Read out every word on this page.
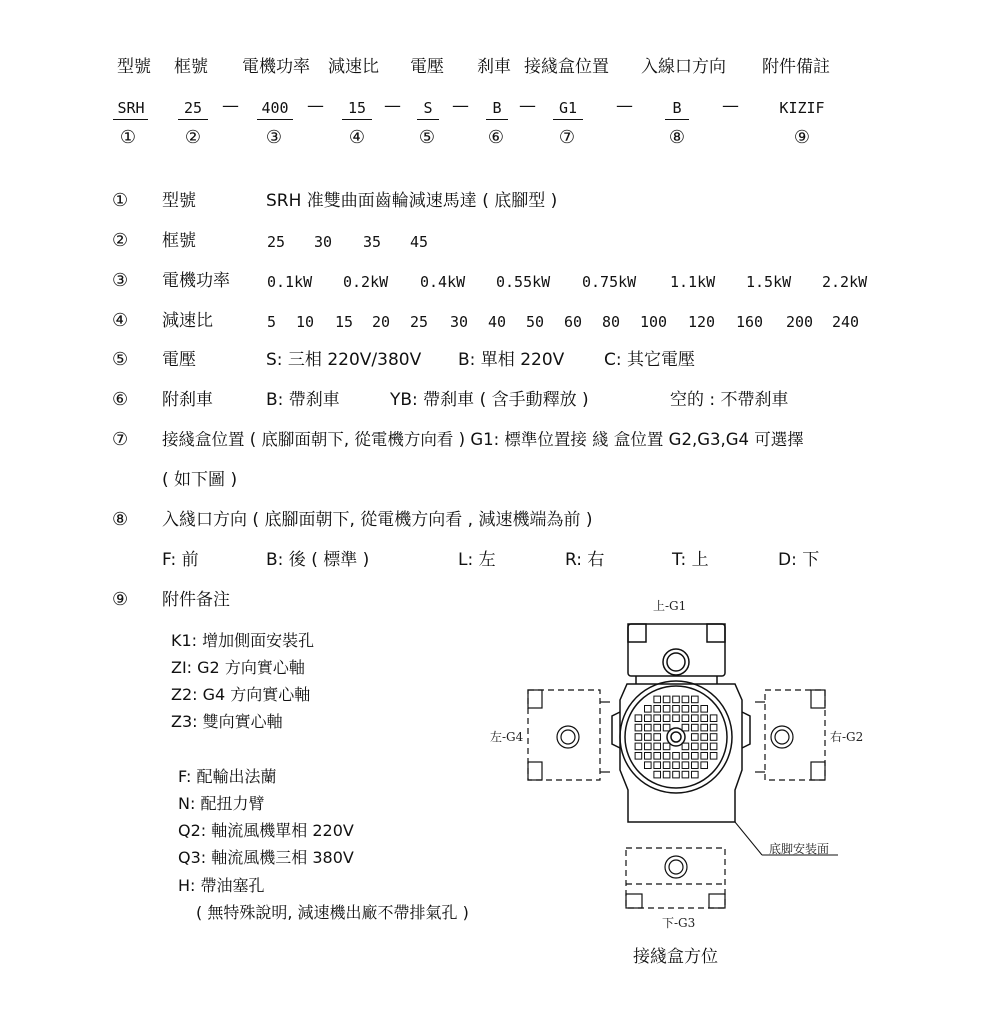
型號 框號 電機功率 減速比 電壓 刹車 接綫盒位置 入線口方向 附件備註
SRH	25	—	400	—	15	—	S	—	B	—	G1	—	B	—	KIZIF
①	②	③	④	⑤	⑥	⑦	⑧	⑨
① 型號	SRH 准雙曲面齒輪減速馬達 ( 底腳型 )
② 框號	25 30 35 45
③ 電機功率 0.1kW 0.2kW 0.4kW 0.55kW 0.75kW 1.1kW 1.5kW 2.2kW
④ 減速比	5 10 15 20 25 30 40 50 60 80 100 120 160 200 240
⑤ 電壓	S: 三相 220V/380V B: 單相 220V C: 其它電壓
⑥ 附刹車	B: 帶刹車	YB: 帶刹車 ( 含手動釋放 )	空的 : 不帶刹車
⑦ 接綫盒位置 ( 底腳面朝下, 從電機方向看 ) G1: 標準位置接 綫 盒位置 G2,G3,G4 可選擇
( 如下圖 )
⑧ 入綫口方向 ( 底腳面朝下, 從電機方向看 , 減速機端為前 )
F: 前	B: 後 ( 標準 )	L: 左	R: 右	T: 上	D: 下
⑨ 附件备注
K1: 增加側面安裝孔
ZI: G2 方向實心軸
Z2: G4 方向實心軸
Z3: 雙向實心軸
F: 配輸出法蘭
N: 配扭力臂
Q2: 軸流風機單相 220V
Q3: 軸流風機三相 380V
H: 帶油塞孔
( 無特殊說明, 減速機出廠不帶排氣孔 )
上-G1
左-G4	右-G2
下-G3
底脚安装面
接綫盒方位
